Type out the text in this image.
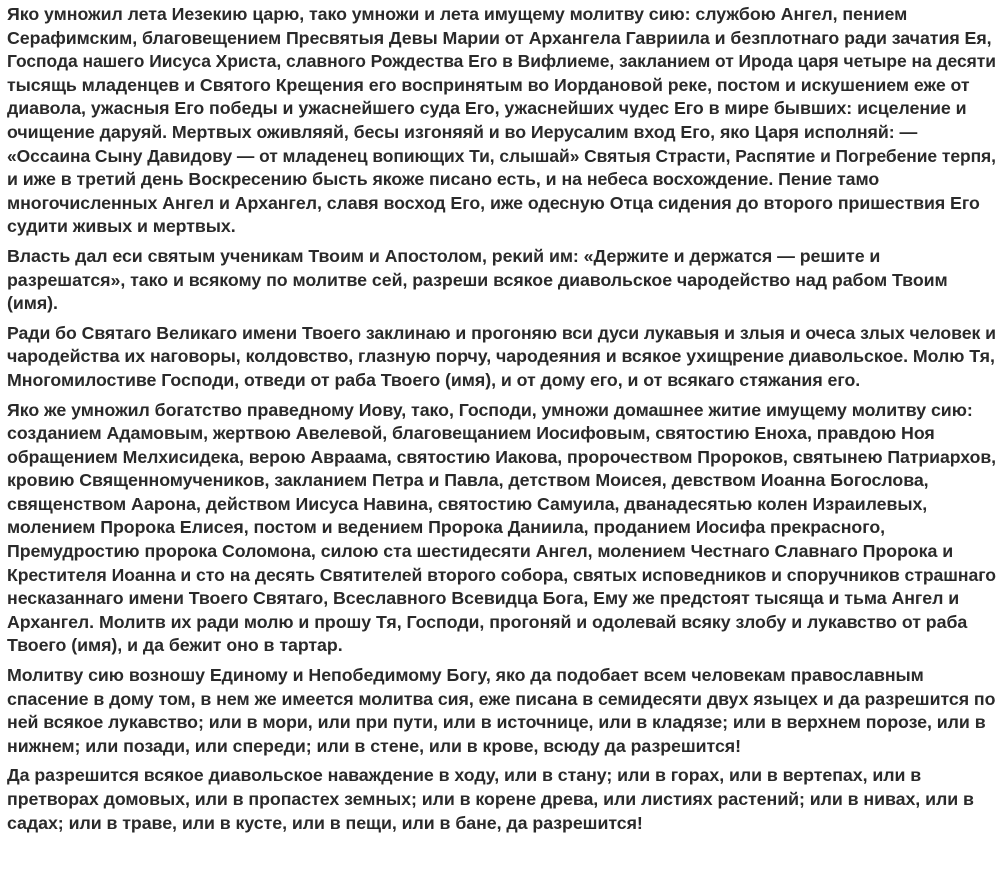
Яко умножил лета Иезекию царю, тако умножи и лета имущему молитву сию: службою Ангел, пением
Серафимским, благовещением Пресвятыя Девы Марии от Архангела Гавриила и безплотнаго ради зачатия Ея,
Господа нашего Иисуса Христа, славного Рождества Его в Вифлиеме, закланием от Ирода царя четыре на десяти
тысящь младенцев и Святого Крещения его воспринятым во Иордановой реке, постом и искушением еже от
диавола, ужасныя Его победы и ужаснейшего суда Его, ужаснейших чудес Его в мире бывших: исцеление и
очищение даруяй. Мертвых оживляяй, бесы изгоняяй и во Иерусалим вход Его, яко Царя исполняй: —
«Оссаина Сыну Давидову — от младенец вопиющих Ти, слышай» Святыя Страсти, Распятие и Погребение терпя,
и иже в третий день Воскресению бысть якоже писано есть, и на небеса восхождение. Пение тамо
многочисленных Ангел и Архангел, славя восход Его, иже одесную Отца сидения до второго пришествия Его
судити живых и мертвых.

Власть дал еси святым ученикам Твоим и Апостолом, реκий им: «Держите и держатся — решите и
разрешатся», тако и всякому по молитве сей, разреши всякое диавольское чародейство над рабом Твоим
(имя).

Ради бо Святаго Великаго имени Твоего заклинаю и прогоняю вси дуси лукавыя и злыя и очеса злых человек и
чародейства их наговоры, колдовство, глазную порчу, чародеяния и всякое ухищрение диавольское. Молю Тя,
Многомилостиве Господи, отведи от раба Твоего (имя), и от дому его, и от всякаго стяжания его.

Яко же умножил богатство праведному Иову, тако, Господи, умножи домашнее житие имущему молитву сию:
созданием Адамовым, жертвою Авелевой, благовещанием Иосифовым, святостию Еноха, правдою Ноя
обращением Мелхисидека, верою Авраама, святостию Иакова, пророчеством Пророков, святынею Патриархов,
кровию Священномучеников, закланием Петра и Павла, детством Моисея, девством Иоанна Богослова,
священством Аарона, действом Иисуса Навина, святостию Самуила, дванадесятью колен Израилевых,
молением Пророка Елисея, постом и ведением Пророка Даниила, проданием Иосифа прекрасного,
Премудростию пророка Соломона, силою ста шестидесяти Ангел, молением Честнаго Славнаго Пророка и
Крестителя Иоанна и сто на десять Святителей второго собора, святых исповедников и споручников страшнаго
несказаннаго имени Твоего Святаго, Всеславного Всевидца Бога, Ему же предстоят тысяща и тьма Ангел и
Архангел. Молитв их ради молю и прошу Тя, Господи, прогоняй и одолевай всяку злобу и лукавство от раба
Твоего (имя), и да бежит оно в тартар.

Молитву сию возношу Единому и Непобедимому Богу, яко да подобает всем человекам православным
спасение в дому том, в нем же имеется молитва сия, еже писана в семидесяти двух языцех и да разрешится по
ней всякое лукавство; или в мори, или при пути, или в источнице, или в кладязе; или в верхнем порозе, или в
нижнем; или позади, или спереди; или в стене, или в крове, всюду да разрешится!

Да разрешится всякое диавольское наваждение в ходу, или в стану; или в горах, или в вертепах, или в
претворах домовых, или в пропастех земных; или в корене древа, или листиях растений; или в нивах, или в
садах; или в траве, или в кусте, или в пещи, или в бане, да разрешится!
